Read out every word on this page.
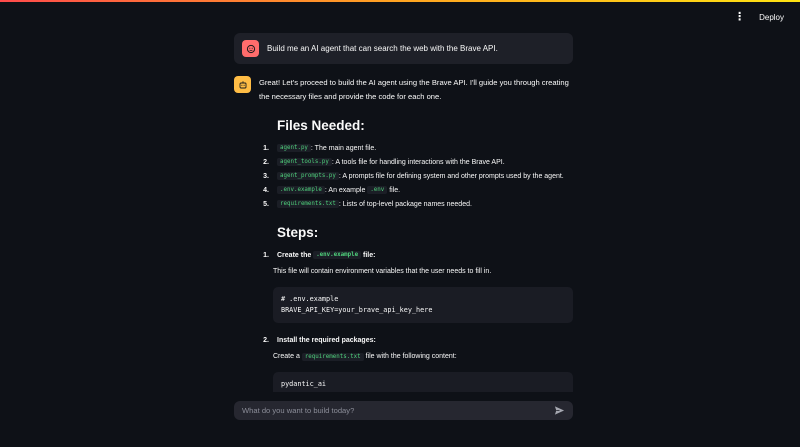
⋮ Deploy
Build me an AI agent that can search the web with the Brave API.

Great! Let's proceed to build the AI agent using the Brave API. I'll guide you through creating the necessary files and provide the code for each one.

Files Needed:
1.	agent.py : The main agent file.
2.	agent_tools.py : A tools file for handling interactions with the Brave API.
3.	agent_prompts.py : A prompts file for defining system and other prompts used by the agent.
4.	.env.example : An example
.env
file.
5.	requirements.txt : Lists of top-level package names needed.
Steps:
1.	Create the
.env.example
file:

This file will contain environment variables that the user needs to fill in.

# .env.example
BRAVE_API_KEY=your_brave_api_key_here
2.	Install the required packages:

Create a requirements.txt file with the following content:

pydantic_ai
What do you want to build today?
